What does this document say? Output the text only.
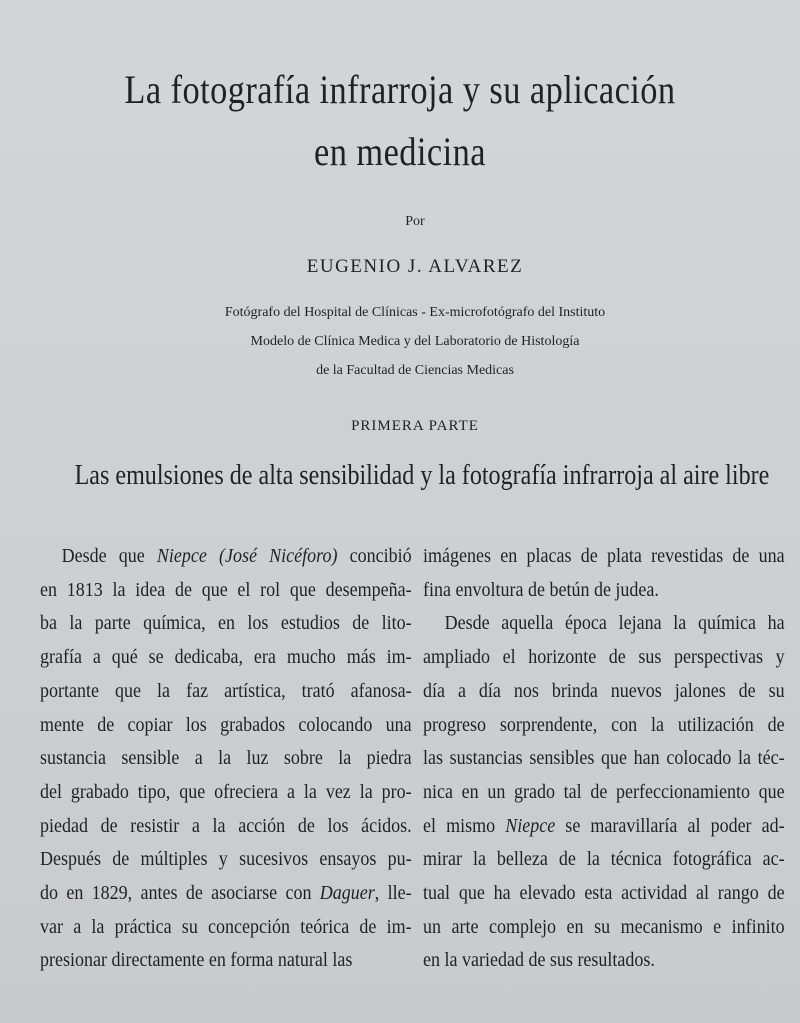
La fotografía infrarroja y su aplicación
en medicina
Por
EUGENIO J. ALVAREZ
Fotógrafo del Hospital de Clínicas - Ex-microfotógrafo del Instituto
Modelo de Clínica Medica y del Laboratorio de Histología
de la Facultad de Ciencias Medicas
PRIMERA PARTE
Las emulsiones de alta sensibilidad y la fotografía infrarroja al aire libre
Desde que Niepce (José Nicéforo) concibió
en 1813 la idea de que el rol que desempeña-
ba la parte química, en los estudios de lito-
grafía a qué se dedicaba, era mucho más im-
portante que la faz artística, trató afanosa-
mente de copiar los grabados colocando una
sustancia sensible a la luz sobre la piedra
del grabado tipo, que ofreciera a la vez la pro-
piedad de resistir a la acción de los ácidos.
Después de múltiples y sucesivos ensayos pu-
do en 1829, antes de asociarse con Daguer, lle-
var a la práctica su concepción teórica de im-
presionar directamente en forma natural las
imágenes en placas de plata revestidas de una
fina envoltura de betún de judea.
Desde aquella época lejana la química ha
ampliado el horizonte de sus perspectivas y
día a día nos brinda nuevos jalones de su
progreso sorprendente, con la utilización de
las sustancias sensibles que han colocado la téc-
nica en un grado tal de perfeccionamiento que
el mismo Niepce se maravillaría al poder ad-
mirar la belleza de la técnica fotográfica ac-
tual que ha elevado esta actividad al rango de
un arte complejo en su mecanismo e infinito
en la variedad de sus resultados.
